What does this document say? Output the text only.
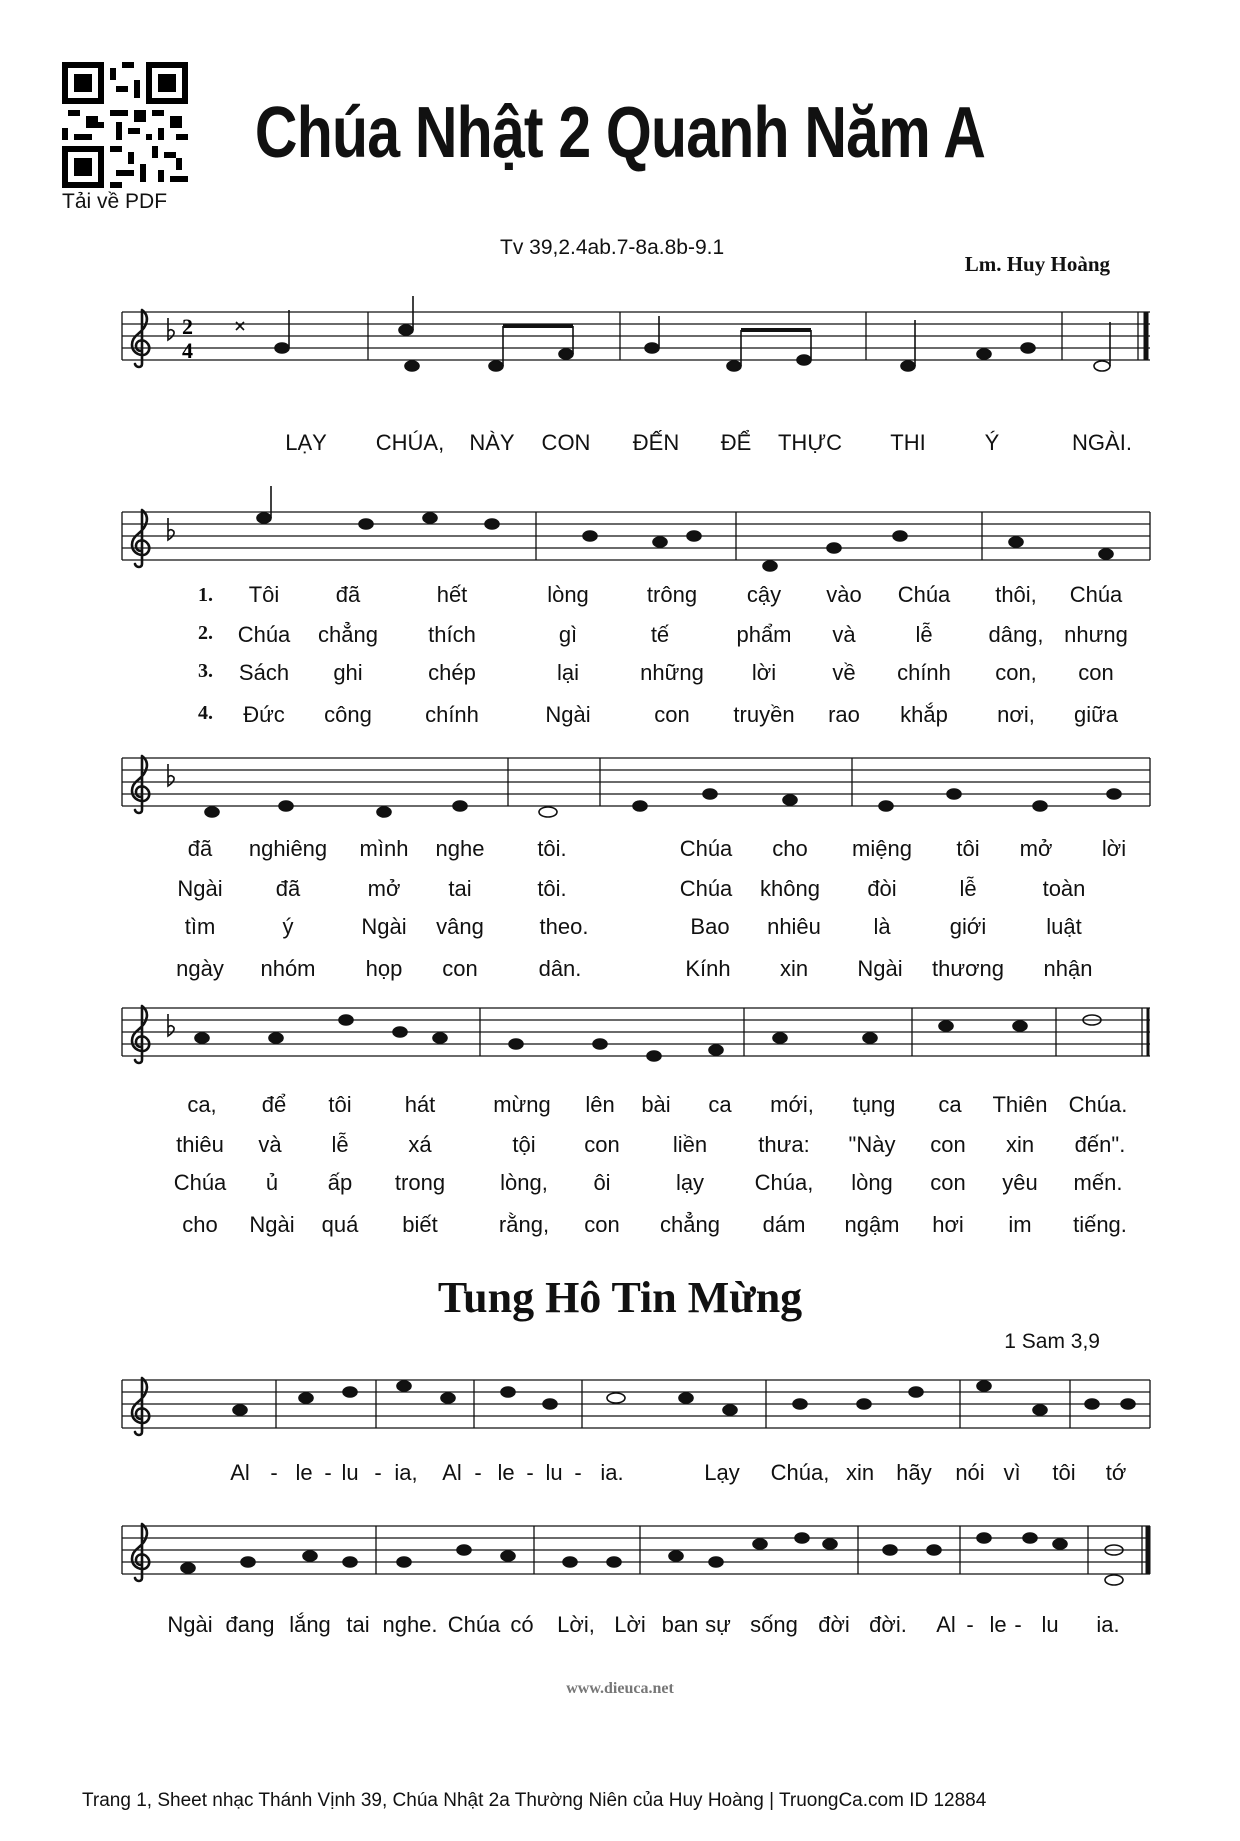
Tải về PDF
Chúa Nhật 2 Quanh Năm A
Tv 39,2.4ab.7-8a.8b-9.1
Lm. Huy Hoàng
2
4
LẠY CHÚA, NÀY CON ĐẾN ĐỂ THỰC THI	Ý	NGÀI.
1.
2.
3.
4.
Tôi	đã	hết	lòng	trông cậy vào Chúa thôi, Chúa
Chúa chẳng thích	gì	tế	phẩm và	lễ	dâng, nhưng
Sách ghi	chép	lại	những lời	về chính con, con
Đức công chính	Ngài	con truyền rao khắp nơi, giữa
đã nghiêng mình nghe tôi.	Chúa cho miệng tôi mở lời
Ngài đã	mở tai	tôi.	Chúa không đòi	lễ	toàn
tìm	ý	Ngài vâng	theo.	Bao nhiêu là	giới	luật
ngày nhóm họp con	dân.	Kính xin Ngài thương nhận
ca, để tôi hát	mừng lên bài ca mới, tụng ca Thiên Chúa.
thiêu và lễ	xá	tội con liền thưa: "Này con xin đến".
Chúa ủ ấp trong	lòng, ôi	lạy Chúa, lòng con yêu mến.
cho Ngài quá biết	rằng, con chẳng dám ngậm hơi im tiếng.
Tung Hô Tin Mừng
1 Sam 3,9
Al - le - lu - ia, Al - le - lu - ia.	Lạy Chúa, xin hãy nói vì tôi tớ
Ngài đang lắng tai nghe. Chúa có Lời, Lời ban sự sống đời đời. Al - le - lu ia.
www.dieuca.net
Trang 1, Sheet nhạc Thánh Vịnh 39, Chúa Nhật 2a Thường Niên của Huy Hoàng | TruongCa.com ID 12884
